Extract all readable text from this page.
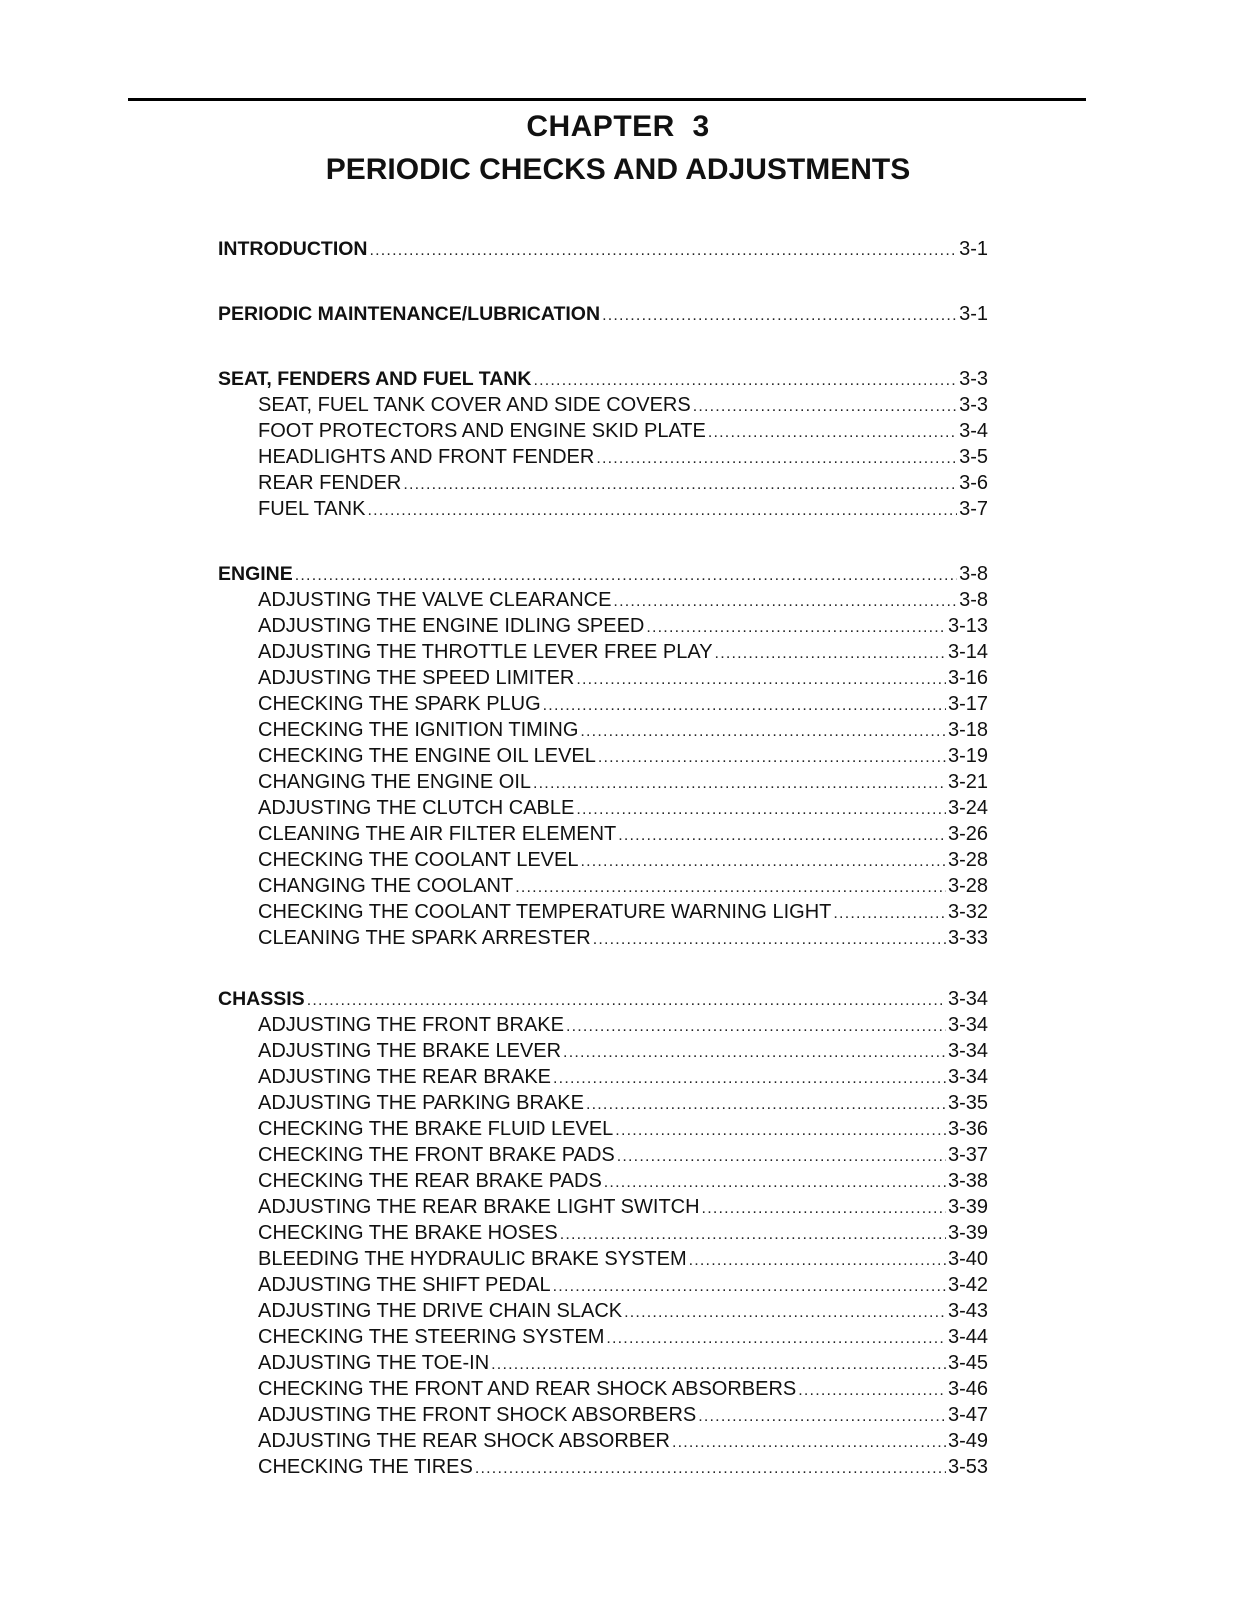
CHAPTER  3
PERIODIC CHECKS AND ADJUSTMENTS
INTRODUCTION .....	3-1
PERIODIC MAINTENANCE/LUBRICATION .....	3-1
SEAT, FENDERS AND FUEL TANK .....	3-3
SEAT, FUEL TANK COVER AND SIDE COVERS .....	3-3
FOOT PROTECTORS AND ENGINE SKID PLATE .....	3-4
HEADLIGHTS AND FRONT FENDER .....	3-5
REAR FENDER .....	3-6
FUEL TANK .....	3-7
ENGINE .....	3-8
ADJUSTING THE VALVE CLEARANCE .....	3-8
ADJUSTING THE ENGINE IDLING SPEED .....	3-13
ADJUSTING THE THROTTLE LEVER FREE PLAY .....	3-14
ADJUSTING THE SPEED LIMITER .....	3-16
CHECKING THE SPARK PLUG .....	3-17
CHECKING THE IGNITION TIMING .....	3-18
CHECKING THE ENGINE OIL LEVEL .....	3-19
CHANGING THE ENGINE OIL .....	3-21
ADJUSTING THE CLUTCH CABLE .....	3-24
CLEANING THE AIR FILTER ELEMENT .....	3-26
CHECKING THE COOLANT LEVEL .....	3-28
CHANGING THE COOLANT .....	3-28
CHECKING THE COOLANT TEMPERATURE WARNING LIGHT .....	3-32
CLEANING THE SPARK ARRESTER .....	3-33
CHASSIS .....	3-34
ADJUSTING THE FRONT BRAKE .....	3-34
ADJUSTING THE BRAKE LEVER .....	3-34
ADJUSTING THE REAR BRAKE .....	3-34
ADJUSTING THE PARKING BRAKE .....	3-35
CHECKING THE BRAKE FLUID LEVEL .....	3-36
CHECKING THE FRONT BRAKE PADS .....	3-37
CHECKING THE REAR BRAKE PADS .....	3-38
ADJUSTING THE REAR BRAKE LIGHT SWITCH .....	3-39
CHECKING THE BRAKE HOSES .....	3-39
BLEEDING THE HYDRAULIC BRAKE SYSTEM .....	3-40
ADJUSTING THE SHIFT PEDAL .....	3-42
ADJUSTING THE DRIVE CHAIN SLACK .....	3-43
CHECKING THE STEERING SYSTEM .....	3-44
ADJUSTING THE TOE-IN .....	3-45
CHECKING THE FRONT AND REAR SHOCK ABSORBERS .....	3-46
ADJUSTING THE FRONT SHOCK ABSORBERS .....	3-47
ADJUSTING THE REAR SHOCK ABSORBER .....	3-49
CHECKING THE TIRES .....	3-53
